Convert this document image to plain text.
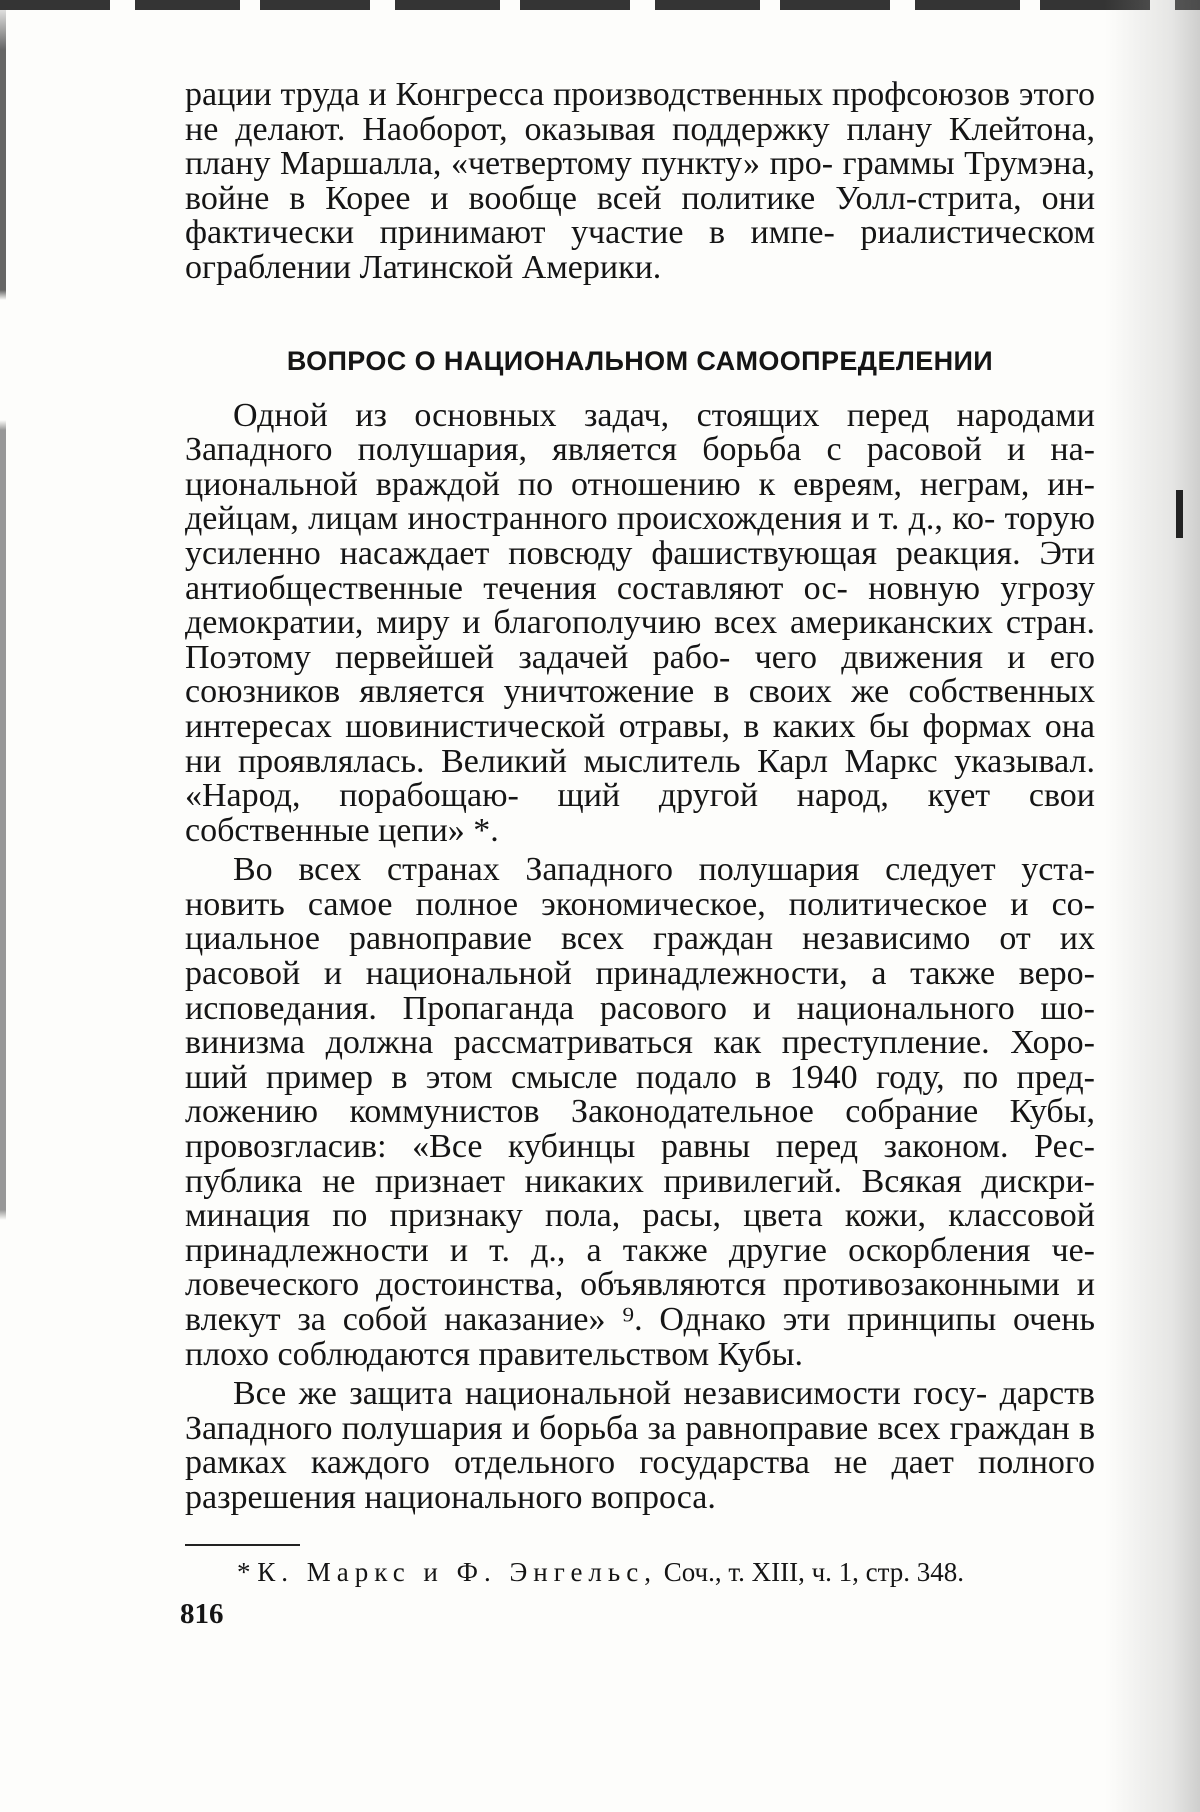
рации труда и Конгресса производственных профсоюзов этого не делают. Наоборот, оказывая поддержку плану Клейтона, плану Маршалла, «четвертому пункту» про- граммы Трумэна, войне в Корее и вообще всей политике Уолл-стрита, они фактически принимают участие в импе- риалистическом ограблении Латинской Америки.

ВОПРОС О НАЦИОНАЛЬНОМ САМООПРЕДЕЛЕНИИ

Одной из основных задач, стоящих перед народами Западного полушария, является борьба с расовой и на- циональной враждой по отношению к евреям, неграм, ин- дейцам, лицам иностранного происхождения и т. д., ко- торую усиленно насаждает повсюду фашиствующая реакция. Эти антиобщественные течения составляют ос- новную угрозу демократии, миру и благополучию всех американских стран. Поэтому первейшей задачей рабо- чего движения и его союзников является уничтожение в своих же собственных интересах шовинистической отравы, в каких бы формах она ни проявлялась. Великий мыслитель Карл Маркс указывал. «Народ, порабощаю- щий другой народ, кует свои собственные цепи» *.

Во всех странах Западного полушария следует уста- новить самое полное экономическое, политическое и со- циальное равноправие всех граждан независимо от их расовой и национальной принадлежности, а также веро- исповедания. Пропаганда расового и национального шо- винизма должна рассматриваться как преступление. Хоро- ший пример в этом смысле подало в 1940 году, по пред- ложению коммунистов Законодательное собрание Кубы, провозгласив: «Все кубинцы равны перед законом. Рес- публика не признает никаких привилегий. Всякая дискри- минация по признаку пола, расы, цвета кожи, классовой принадлежности и т. д., а также другие оскорбления че- ловеческого достоинства, объявляются противозаконными и влекут за собой наказание» ⁹. Однако эти принципы очень плохо соблюдаются правительством Кубы.

Все же защита национальной независимости госу- дарств Западного полушария и борьба за равноправие всех граждан в рамках каждого отдельного государства не дает полного разрешения национального вопроса.

* К. Маркс и Ф. Энгельс, Соч., т. XIII, ч. 1, стр. 348.

816
